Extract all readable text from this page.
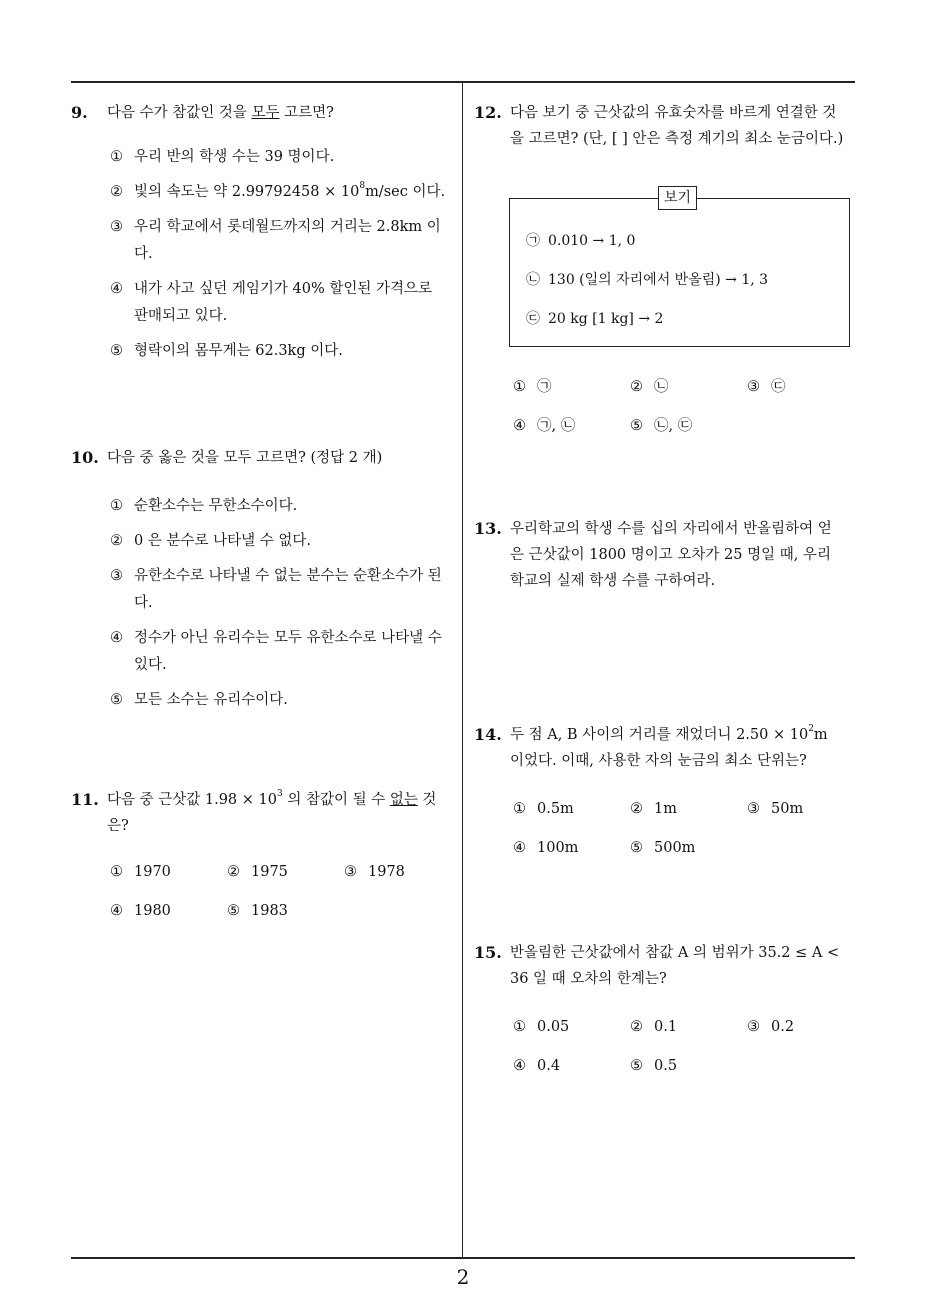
9. 다음 수가 참값인 것을 모두 고르면?
① 우리 반의 학생 수는 39 명이다.
② 빛의 속도는 약 $2.99792458 \times 10^8m/\sec$ 이다.
③ 우리 학교에서 롯데월드까지의 거리는 2.8km 이다.
④ 내가 사고 싶던 게임기가 40% 할인된 가격으로 판매되고 있다.
⑤ 형락이의 몸무게는 62.3kg 이다.
10. 다음 중 옳은 것을 모두 고르면? (정답 2 개)
① 순환소수는 무한소수이다.
② 0 은 분수로 나타낼 수 없다.
③ 유한소수로 나타낼 수 없는 분수는 순환소수가 된다.
④ 정수가 아닌 유리수는 모두 유한소수로 나타낼 수 있다.
⑤ 모든 소수는 유리수이다.
11. 다음 중 근삿값 $1.98 \times 10^3$ 의 참값이 될 수 없는 것은?
① 1970	② 1975	③ 1978
④ 1980	⑤ 1983
12. 다음 보기 중 근삿값의 유효숫자를 바르게 연결한 것을 고르면? (단, [ ] 안은 측정 계기의 최소 눈금이다.)
보기
㉠ 0.010 → 1, 0
㉡ 130 (일의 자리에서 반올림) → 1, 3
㉢ 20 kg [1 kg] → 2
① ㉠	② ㉡	③ ㉢
④ ㉠, ㉡	⑤ ㉡, ㉢
13. 우리학교의 학생 수를 십의 자리에서 반올림하여 얻은 근삿값이 1800 명이고 오차가 25 명일 때, 우리 학교의 실제 학생 수를 구하여라.
14. 두 점 A, B 사이의 거리를 재었더니 $2.50 \times 10^2m$ 이었다. 이때, 사용한 자의 눈금의 최소 단위는?
① 0.5m	② 1m	③ 50m
④ 100m	⑤ 500m
15. 반올림한 근삿값에서 참값 A 의 범위가 35.2 ≤ A < 36 일 때 오차의 한계는?
① 0.05	② 0.1	③ 0.2
④ 0.4	⑤ 0.5
2
